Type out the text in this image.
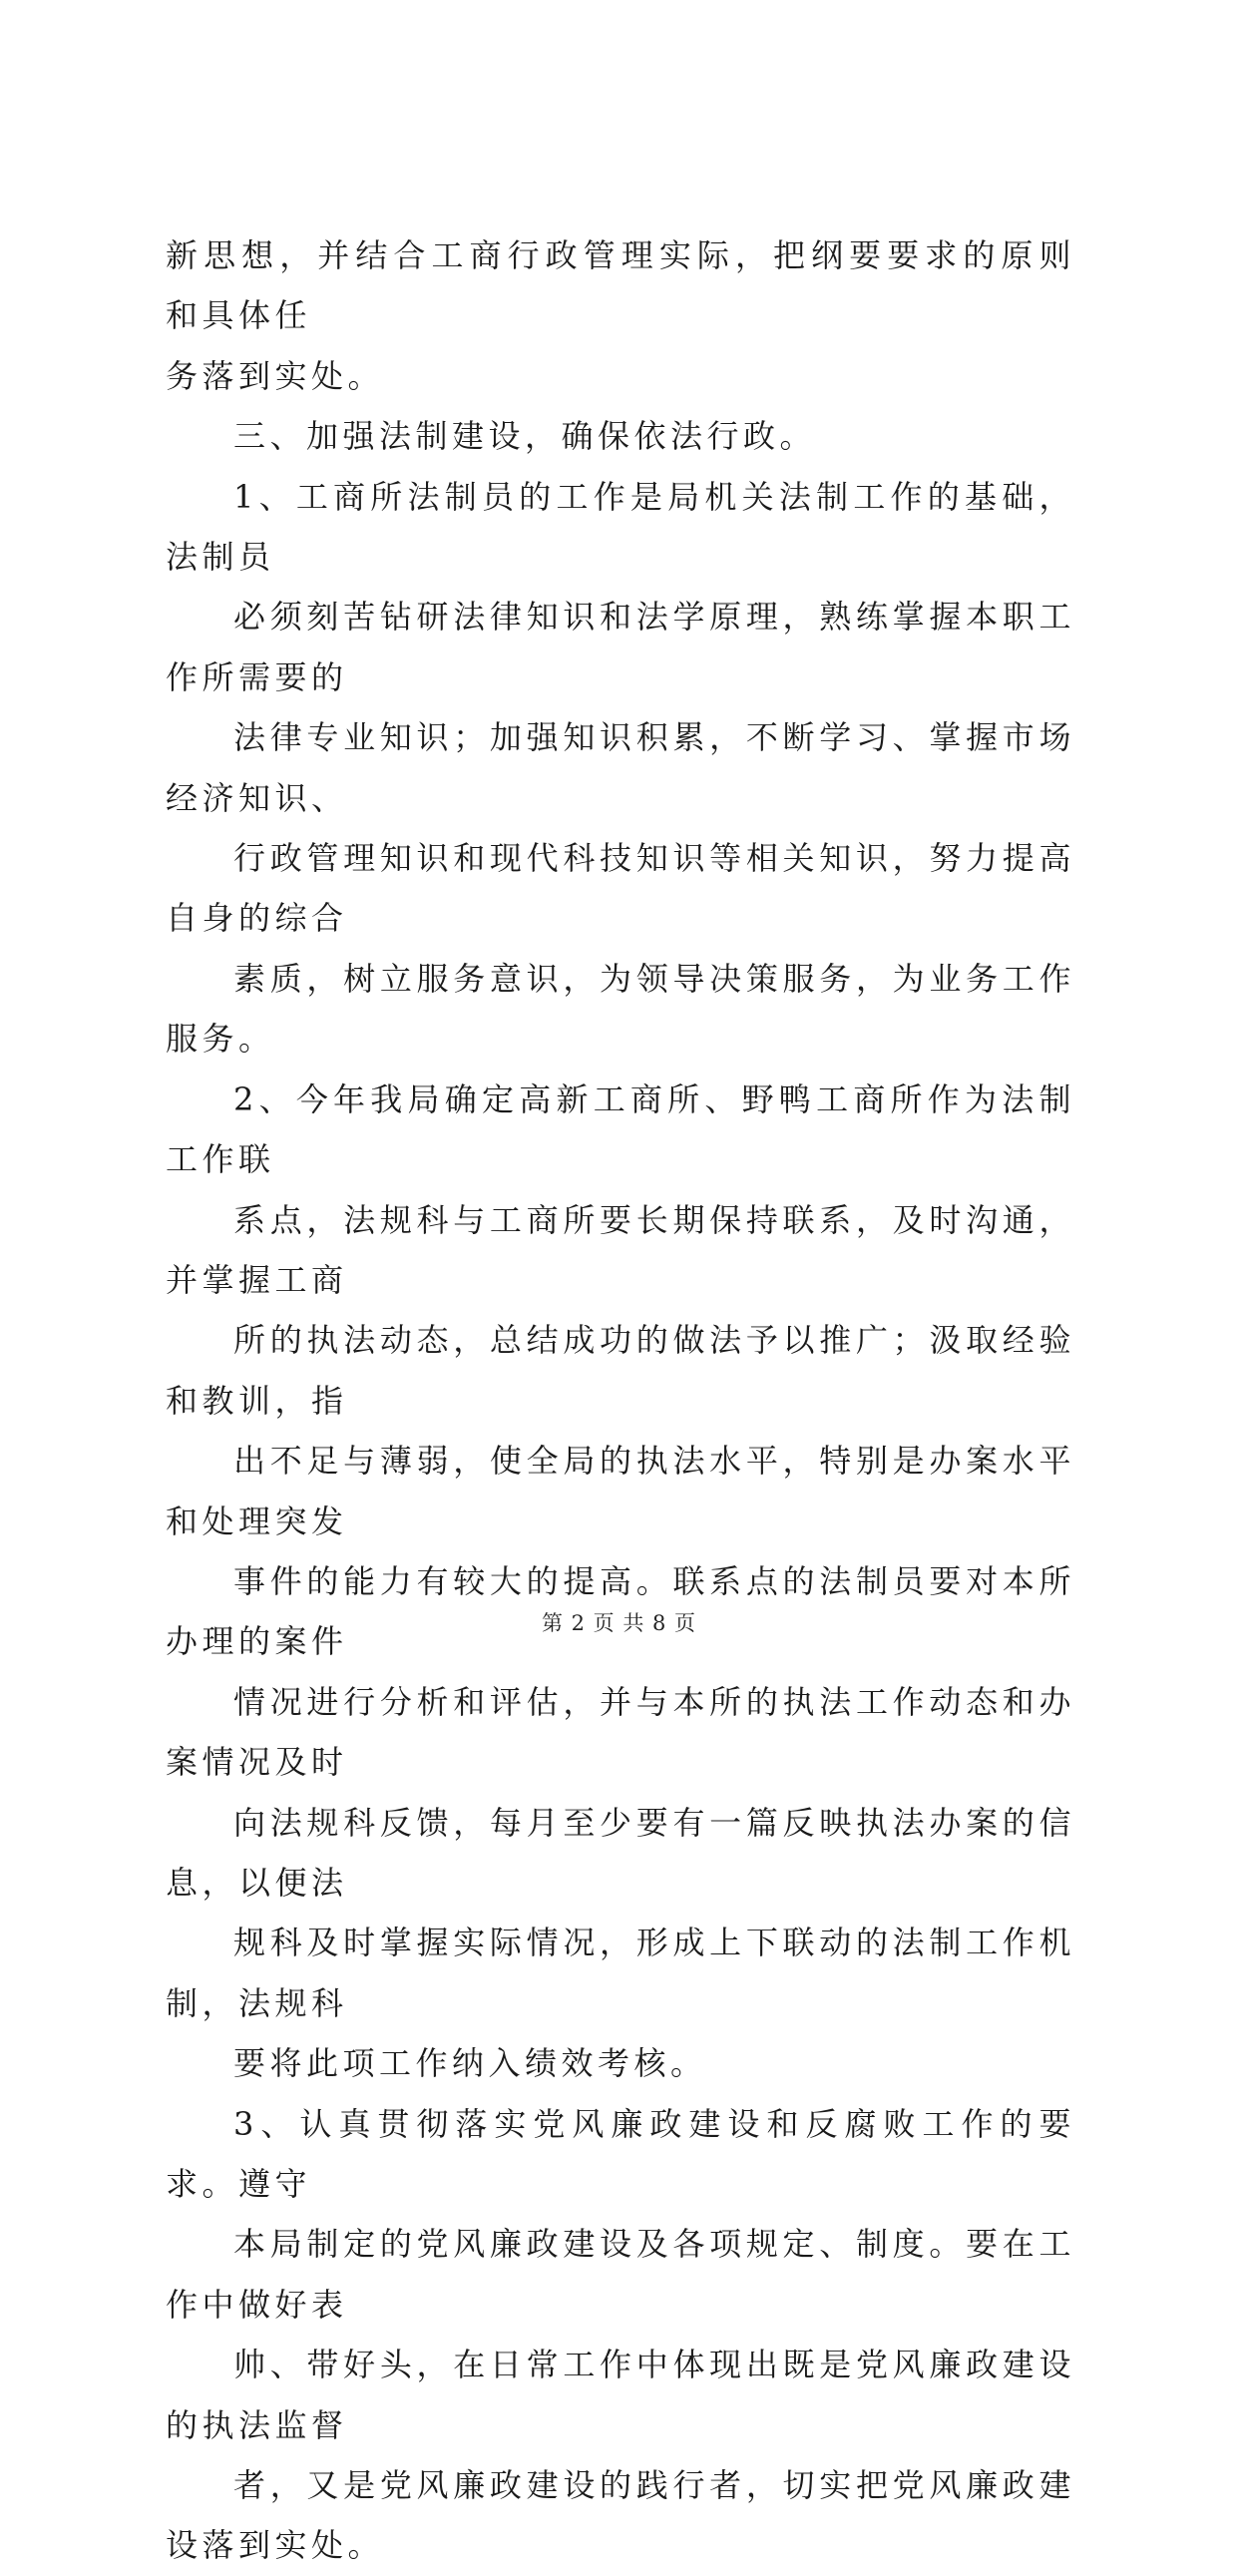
新思想，并结合工商行政管理实际，把纲要要求的原则和具体任
务落到实处。

三、加强法制建设，确保依法行政。

1、工商所法制员的工作是局机关法制工作的基础，法制员
必须刻苦钻研法律知识和法学原理，熟练掌握本职工作所需要的
法律专业知识；加强知识积累，不断学习、掌握市场经济知识、
行政管理知识和现代科技知识等相关知识，努力提高自身的综合
素质，树立服务意识，为领导决策服务，为业务工作服务。

2、今年我局确定高新工商所、野鸭工商所作为法制工作联
系点，法规科与工商所要长期保持联系，及时沟通，并掌握工商
所的执法动态，总结成功的做法予以推广；汲取经验和教训，指
出不足与薄弱，使全局的执法水平，特别是办案水平和处理突发
事件的能力有较大的提高。联系点的法制员要对本所办理的案件
情况进行分析和评估，并与本所的执法工作动态和办案情况及时
向法规科反馈，每月至少要有一篇反映执法办案的信息，以便法
规科及时掌握实际情况，形成上下联动的法制工作机制，法规科
要将此项工作纳入绩效考核。

3、认真贯彻落实党风廉政建设和反腐败工作的要求。遵守
本局制定的党风廉政建设及各项规定、制度。要在工作中做好表
帅、带好头，在日常工作中体现出既是党风廉政建设的执法监督
者，又是党风廉政建设的践行者，切实把党风廉政建设落到实处。

第 2 页 共 8 页
